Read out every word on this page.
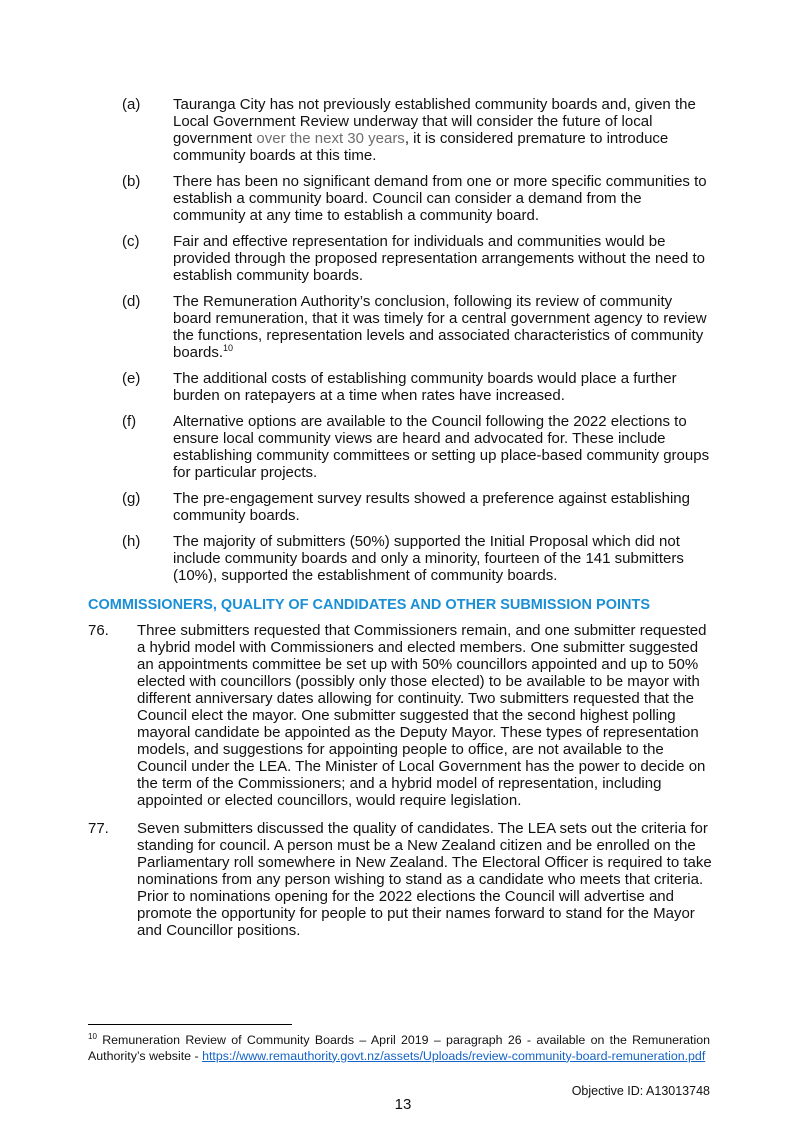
(a) Tauranga City has not previously established community boards and, given the
Local Government Review underway that will consider the future of local
government over the next 30 years, it is considered premature to introduce
community boards at this time.
(b) There has been no significant demand from one or more specific communities to
establish a community board. Council can consider a demand from the
community at any time to establish a community board.
(c) Fair and effective representation for individuals and communities would be
provided through the proposed representation arrangements without the need to
establish community boards.
(d) The Remuneration Authority’s conclusion, following its review of community
board remuneration, that it was timely for a central government agency to review
the functions, representation levels and associated characteristics of community
boards.$^{10}$
(e) The additional costs of establishing community boards would place a further
burden on ratepayers at a time when rates have increased.
(f) Alternative options are available to the Council following the 2022 elections to
ensure local community views are heard and advocated for. These include
establishing community committees or setting up place-based community groups
for particular projects.
(g) The pre-engagement survey results showed a preference against establishing
community boards.
(h) The majority of submitters (50%) supported the Initial Proposal which did not
include community boards and only a minority, fourteen of the 141 submitters
(10%), supported the establishment of community boards.
COMMISSIONERS, QUALITY OF CANDIDATES AND OTHER SUBMISSION POINTS
76. Three submitters requested that Commissioners remain, and one submitter requested
a hybrid model with Commissioners and elected members. One submitter suggested
an appointments committee be set up with 50% councillors appointed and up to 50%
elected with councillors (possibly only those elected) to be available to be mayor with
different anniversary dates allowing for continuity. Two submitters requested that the
Council elect the mayor. One submitter suggested that the second highest polling
mayoral candidate be appointed as the Deputy Mayor. These types of representation
models, and suggestions for appointing people to office, are not available to the
Council under the LEA. The Minister of Local Government has the power to decide on
the term of the Commissioners; and a hybrid model of representation, including
appointed or elected councillors, would require legislation.
77. Seven submitters discussed the quality of candidates. The LEA sets out the criteria for
standing for council. A person must be a New Zealand citizen and be enrolled on the
Parliamentary roll somewhere in New Zealand. The Electoral Officer is required to take
nominations from any person wishing to stand as a candidate who meets that criteria.
Prior to nominations opening for the 2022 elections the Council will advertise and
promote the opportunity for people to put their names forward to stand for the Mayor
and Councillor positions.
$^{10}$ Remuneration Review of Community Boards – April 2019 – paragraph 26 - available on the Remuneration
Authority’s website - https://www.remauthority.govt.nz/assets/Uploads/review-community-board-remuneration.pdf
Objective ID: A13013748
13
